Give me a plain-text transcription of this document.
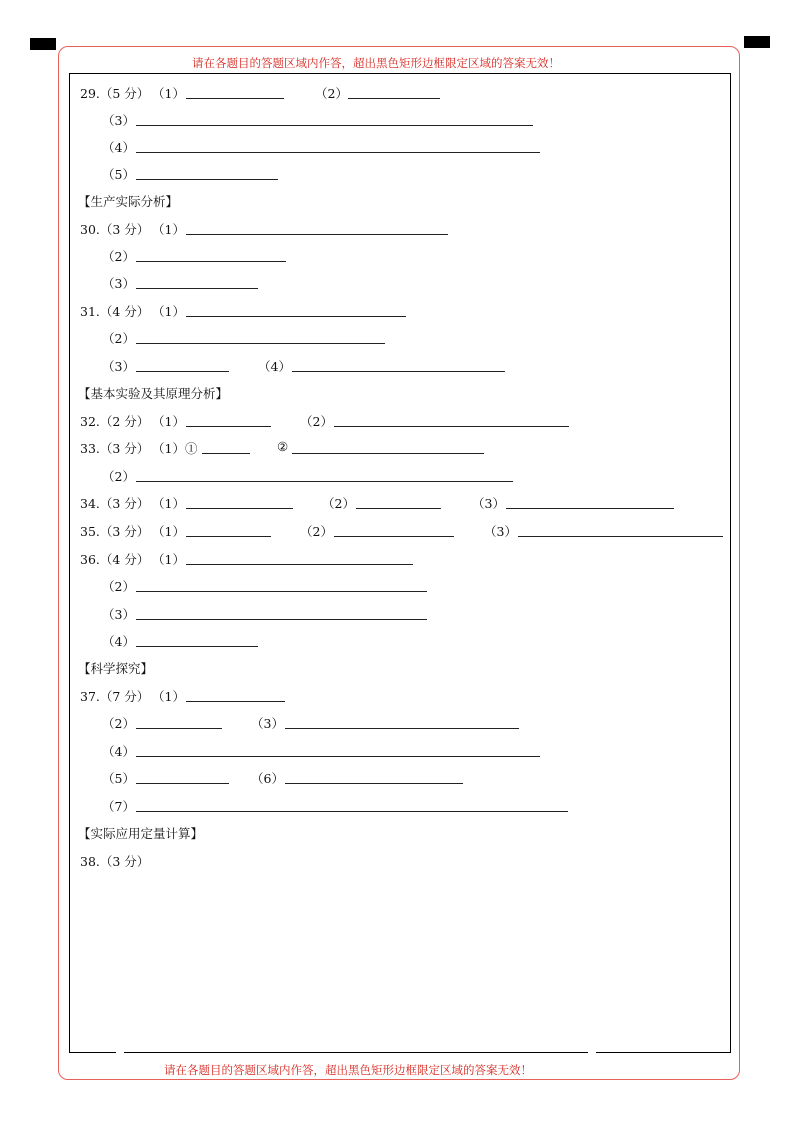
请在各题目的答题区域内作答，超出黑色矩形边框限定区域的答案无效！
请在各题目的答题区域内作答，超出黑色矩形边框限定区域的答案无效！
29.（5 分） （1）	（2）
（3）
（4）
（5）
【生产实际分析】
30.（3 分） （1）
（2）
（3）
31.（4 分） （1）
（2）
（3）	（4）
【基本实验及其原理分析】
32.（2 分） （1）	（2）
33.（3 分） （1）①	②
（2）
34.（3 分） （1）	（2）	（3）
35.（3 分） （1）	（2）	（3）
36.（4 分） （1）
（2）
（3）
（4）
【科学探究】
37.（7 分） （1）
（2）	（3）
（4）
（5）	（6）
（7）
【实际应用定量计算】
38.（3 分）
